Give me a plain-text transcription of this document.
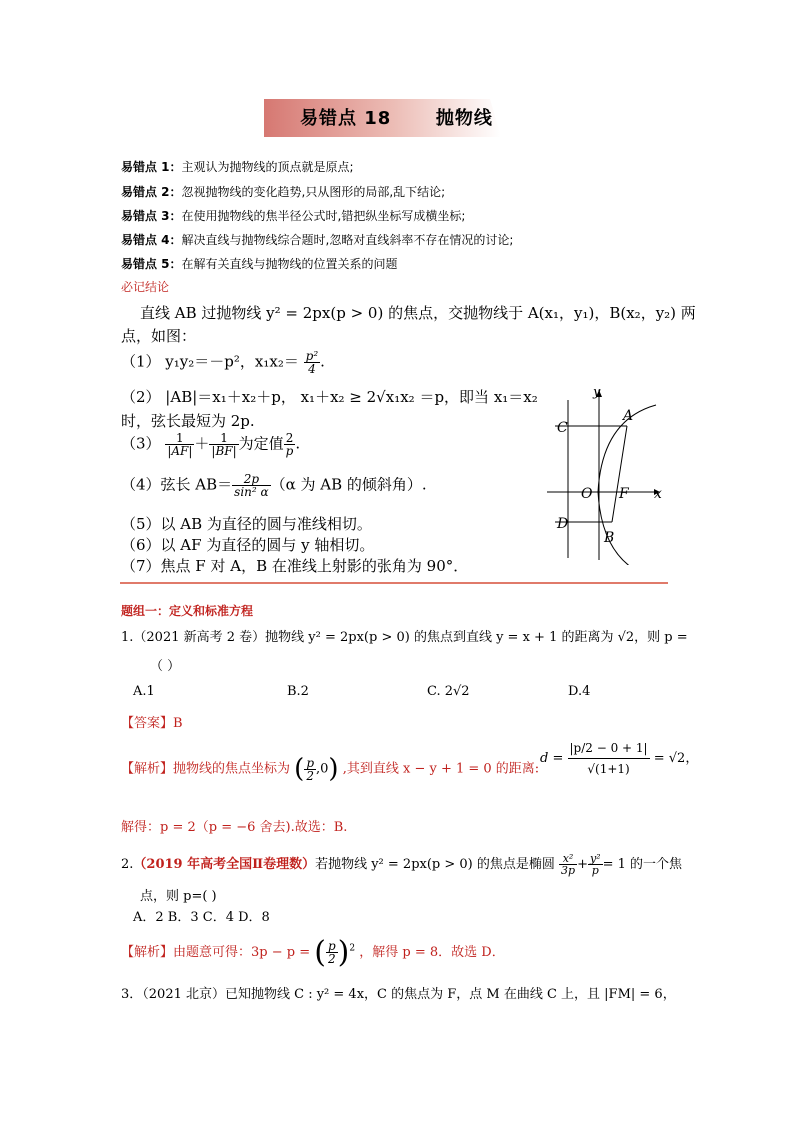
易错点 18 抛物线
易错点 1：主观认为抛物线的顶点就是原点;
易错点 2：忽视抛物线的变化趋势,只从图形的局部,乱下结论;
易错点 3：在使用抛物线的焦半径公式时,错把纵坐标写成横坐标;
易错点 4：解决直线与抛物线综合题时,忽略对直线斜率不存在情况的讨论;
易错点 5：在解有关直线与抛物线的位置关系的问题
必记结论
直线 AB 过抛物线 y² = 2px(p > 0) 的焦点，交抛物线于 A(x₁，y₁)，B(x₂，y₂) 两
点，如图：
（1） y₁y₂＝－p²，$x_1x_2= \frac{\text{p²}}{4}$ .
（2） |AB|＝x₁＋x₂＋p， x₁＋x₂ ≥ 2√x₁x₂ ＝p，即当 x₁＝x₂
时，弦长最短为 2p.
$(3) \frac{1}{|AF|} + \frac{1}{|BF|}$ 为定值 $\frac{2}{p}$ .
（4）弦长 $AB= \frac{2p}{\text{sin² α}} (\alpha$ 为 AB 的倾斜角）.
（5）以 AB 为直径的圆与准线相切。
（6）以 AF 为直径的圆与 y 轴相切。
（7）焦点 F 对 A，B 在准线上射影的张角为 90°．
C
D
A
B
O F x
y
题组一：定义和标准方程
1.（2021 新高考 2 卷）抛物线 y² = 2px(p > 0) 的焦点到直线 y = x + 1 的距离为 √2，则 p =
（ ）
A.1	B.2	C. 2√2	D.4
【答案】B
【解析】抛物线的焦点坐标为 ( $\frac{p}{2} ,0$) ,其到直线 x − y + 1 = 0 的距离:
$d = \frac{|p/2 - 0 + 1|}{√(1+1)} = √2$，
解得：p = 2（p = −6 舍去).故选：B.
2.（2019 年高考全国Ⅱ卷理数）若抛物线 y² = 2px(p > 0) 的焦点是椭圆 $\frac{\text{x²}}{3p} + \frac{\text{y²}}{p} = 1$ 的一个焦
点，则 p=( )
A．2 B．3 C．4 D．8
【解析】由题意可得：3p − p = ( $\frac{p}{2} )^2$ ，解得 p = 8．故选 D．
3．（2021 北京）已知抛物线 C : y² = 4x，C 的焦点为 F，点 M 在曲线 C 上，且 |FM| = 6，
